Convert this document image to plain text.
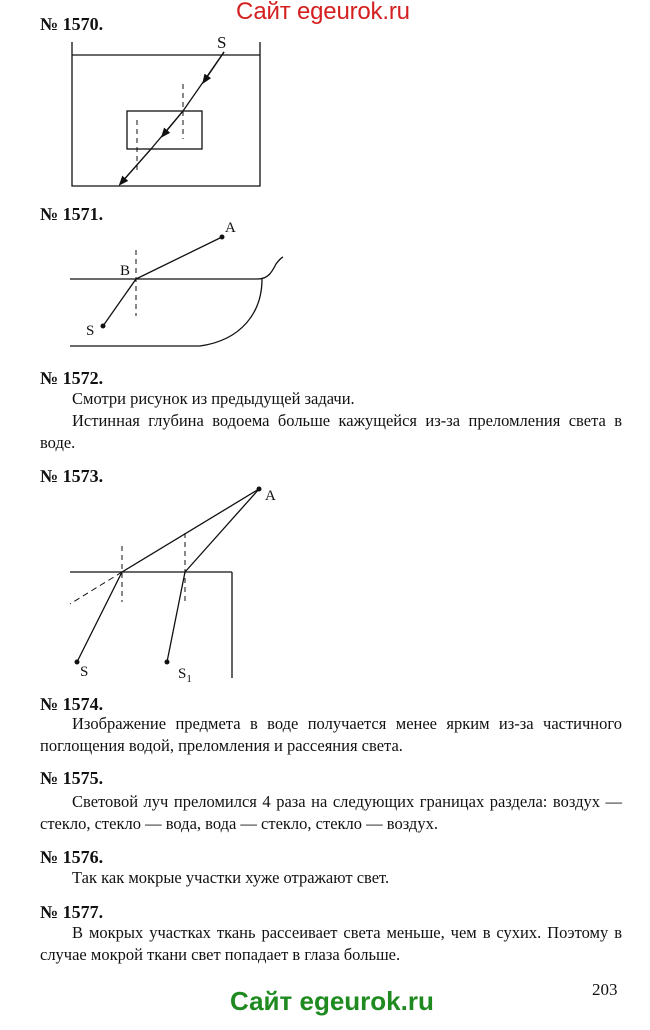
Сайт egeurok.ru
№ 1570.
S
№ 1571.
A
B
S
№ 1572.
Смотри рисунок из предыдущей задачи.
Истинная глубина водоема больше кажущейся из-за преломления света в воде.
№ 1573.
A
S	$S_1$
№ 1574.
Изображение предмета в воде получается менее ярким из-за частичного поглощения водой, преломления и рассеяния света.
№ 1575.
Световой луч преломился 4 раза на следующих границах раздела: воздух — стекло, стекло — вода, вода — стекло, стекло — воздух.
№ 1576.
Так как мокрые участки хуже отражают свет.
№ 1577.
В мокрых участках ткань рассеивает света меньше, чем в сухих. Поэтому в случае мокрой ткани свет попадает в глаза больше.
203
Сайт egeurok.ru
